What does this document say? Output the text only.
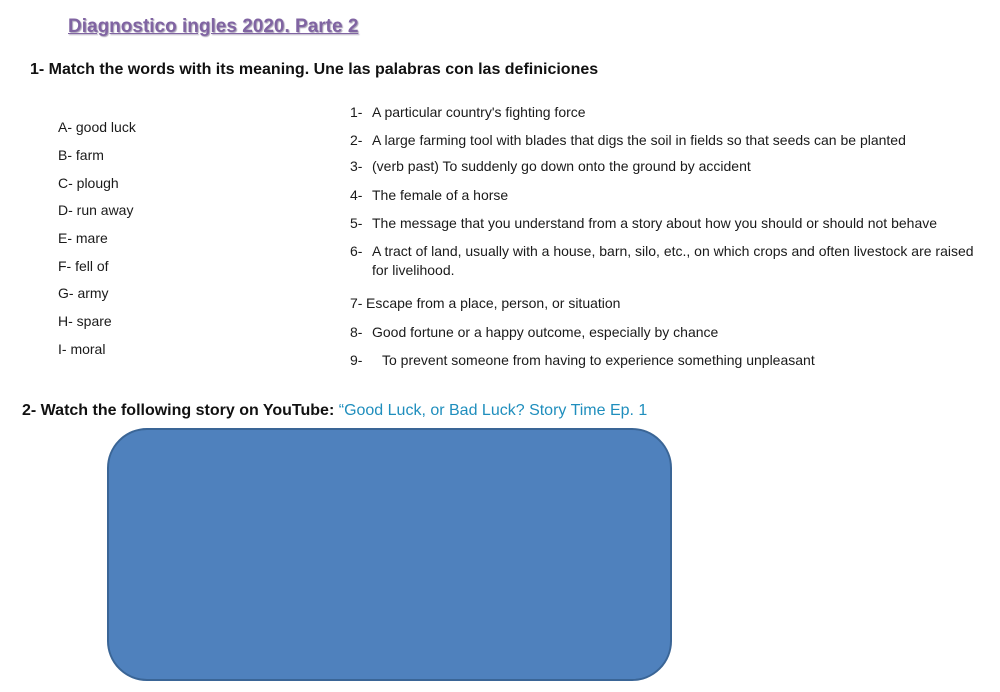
Diagnostico ingles 2020. Parte 2
1- Match the words with its meaning. Une las palabras con las definiciones
A- good luck
B- farm
C- plough
D- run away
E- mare
F- fell of
G- army
H- spare
I- moral
1- A particular country's fighting force
2- A large farming tool with blades that digs the soil in fields so that seeds can be planted
3- (verb past) To suddenly go down onto the ground by accident
4- The female of a horse
5- The message that you understand from a story about how you should or should not behave
6- A tract of land, usually with a house, barn, silo, etc., on which crops and often livestock are raised for livelihood.
7- Escape from a place, person, or situation
8- Good fortune or a happy outcome, especially by chance
9- To prevent someone from having to experience something unpleasant
2- Watch the following story on YouTube: “Good Luck, or Bad Luck? Story Time Ep. 1
